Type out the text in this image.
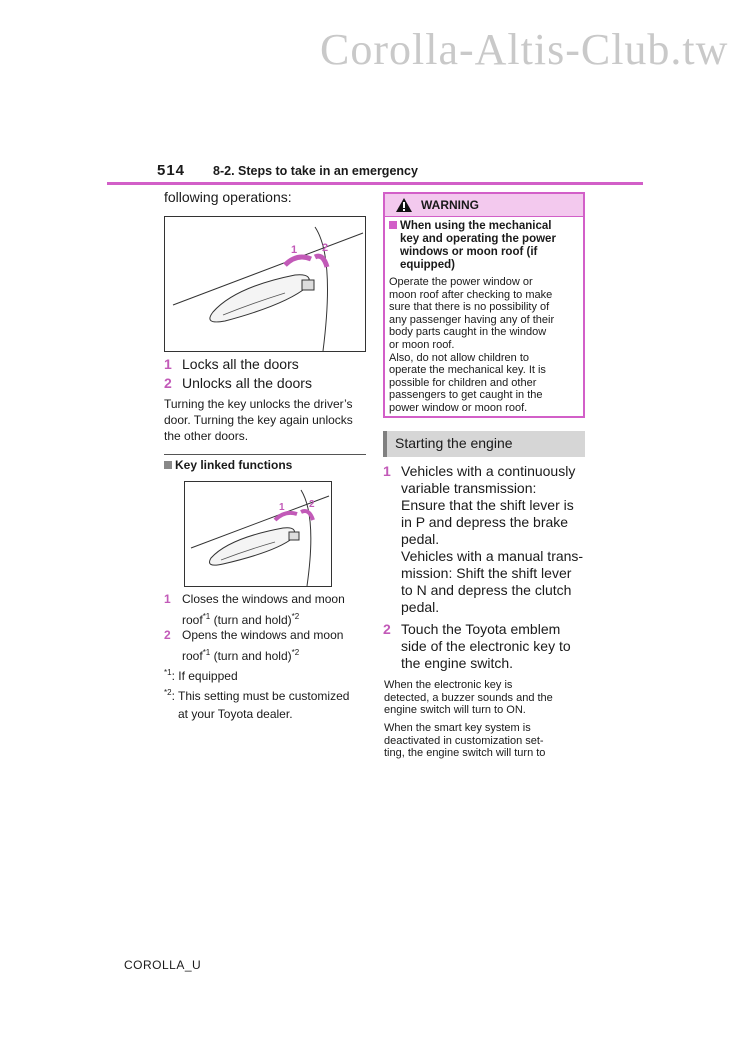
Corolla-Altis-Club.tw
514 8-2. Steps to take in an emergency
following operations:
1 2
1 Locks all the doors
2 Unlocks all the doors
Turning the key unlocks the driver’s
door. Turning the key again unlocks
the other doors.
Key linked functions
1 2
1 Closes the windows and moon
roof$^{*1}$ (turn and hold)$^{*2}$
2 Opens the windows and moon
roof$^{*1}$ (turn and hold)$^{*2}$
$^{*1}$: If equipped
$^{*2}$: This setting must be customized
at your Toyota dealer.
WARNING
When using the mechanical
key and operating the power
windows or moon roof (if
equipped)
Operate the power window or
moon roof after checking to make
sure that there is no possibility of
any passenger having any of their
body parts caught in the window
or moon roof.
Also, do not allow children to
operate the mechanical key. It is
possible for children and other
passengers to get caught in the
power window or moon roof.
Starting the engine
1 Vehicles with a continuously
variable transmission:
Ensure that the shift lever is
in P and depress the brake
pedal.
Vehicles with a manual trans-
mission: Shift the shift lever
to N and depress the clutch
pedal.
2 Touch the Toyota emblem
side of the electronic key to
the engine switch.
When the electronic key is
detected, a buzzer sounds and the
engine switch will turn to ON.
When the smart key system is
deactivated in customization set-
ting, the engine switch will turn to
COROLLA_U
